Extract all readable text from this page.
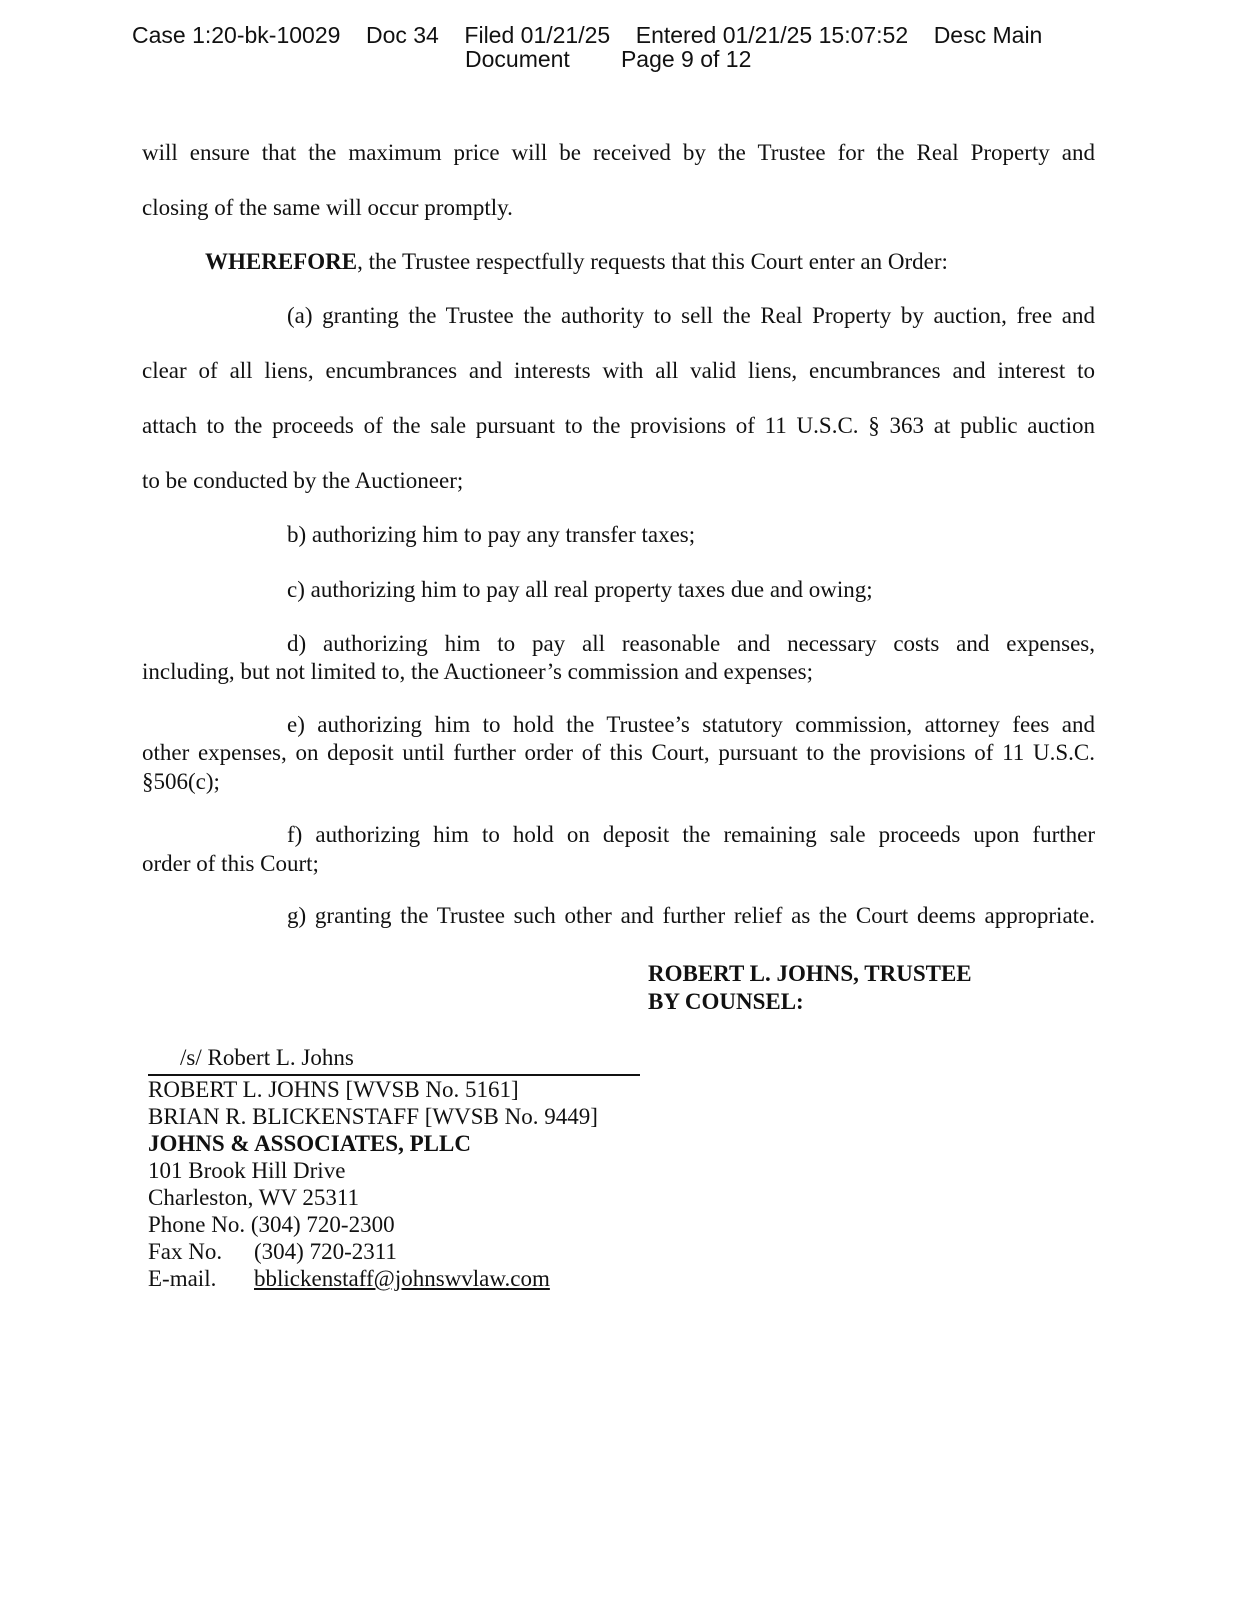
Case 1:20-bk-10029    Doc 34    Filed 01/21/25    Entered 01/21/25 15:07:52    Desc Main
Document        Page 9 of 12
will ensure that the maximum price will be received by the Trustee for the Real Property and
closing of the same will occur promptly.
WHEREFORE, the Trustee respectfully requests that this Court enter an Order:
(a) granting the Trustee the authority to sell the Real Property by auction, free and
clear of all liens, encumbrances and interests with all valid liens, encumbrances and interest to
attach to the proceeds of the sale pursuant to the provisions of 11 U.S.C. § 363 at public auction
to be conducted by the Auctioneer;
b) authorizing him to pay any transfer taxes;
c) authorizing him to pay all real property taxes due and owing;
d) authorizing him to pay all reasonable and necessary costs and expenses,
including, but not limited to, the Auctioneer’s commission and expenses;
e) authorizing him to hold the Trustee’s statutory commission, attorney fees and
other expenses, on deposit until further order of this Court, pursuant to the provisions of 11 U.S.C.
§506(c);
f) authorizing him to hold on deposit the remaining sale proceeds upon further
order of this Court;
g) granting the Trustee such other and further relief as the Court deems appropriate.
ROBERT L. JOHNS, TRUSTEE
BY COUNSEL:
/s/ Robert L. Johns
ROBERT L. JOHNS [WVSB No. 5161]
BRIAN R. BLICKENSTAFF [WVSB No. 9449]
JOHNS & ASSOCIATES, PLLC
101 Brook Hill Drive
Charleston, WV 25311
Phone No. (304) 720-2300
Fax No. (304) 720-2311
E-mail. bblickenstaff@johnswvlaw.com
